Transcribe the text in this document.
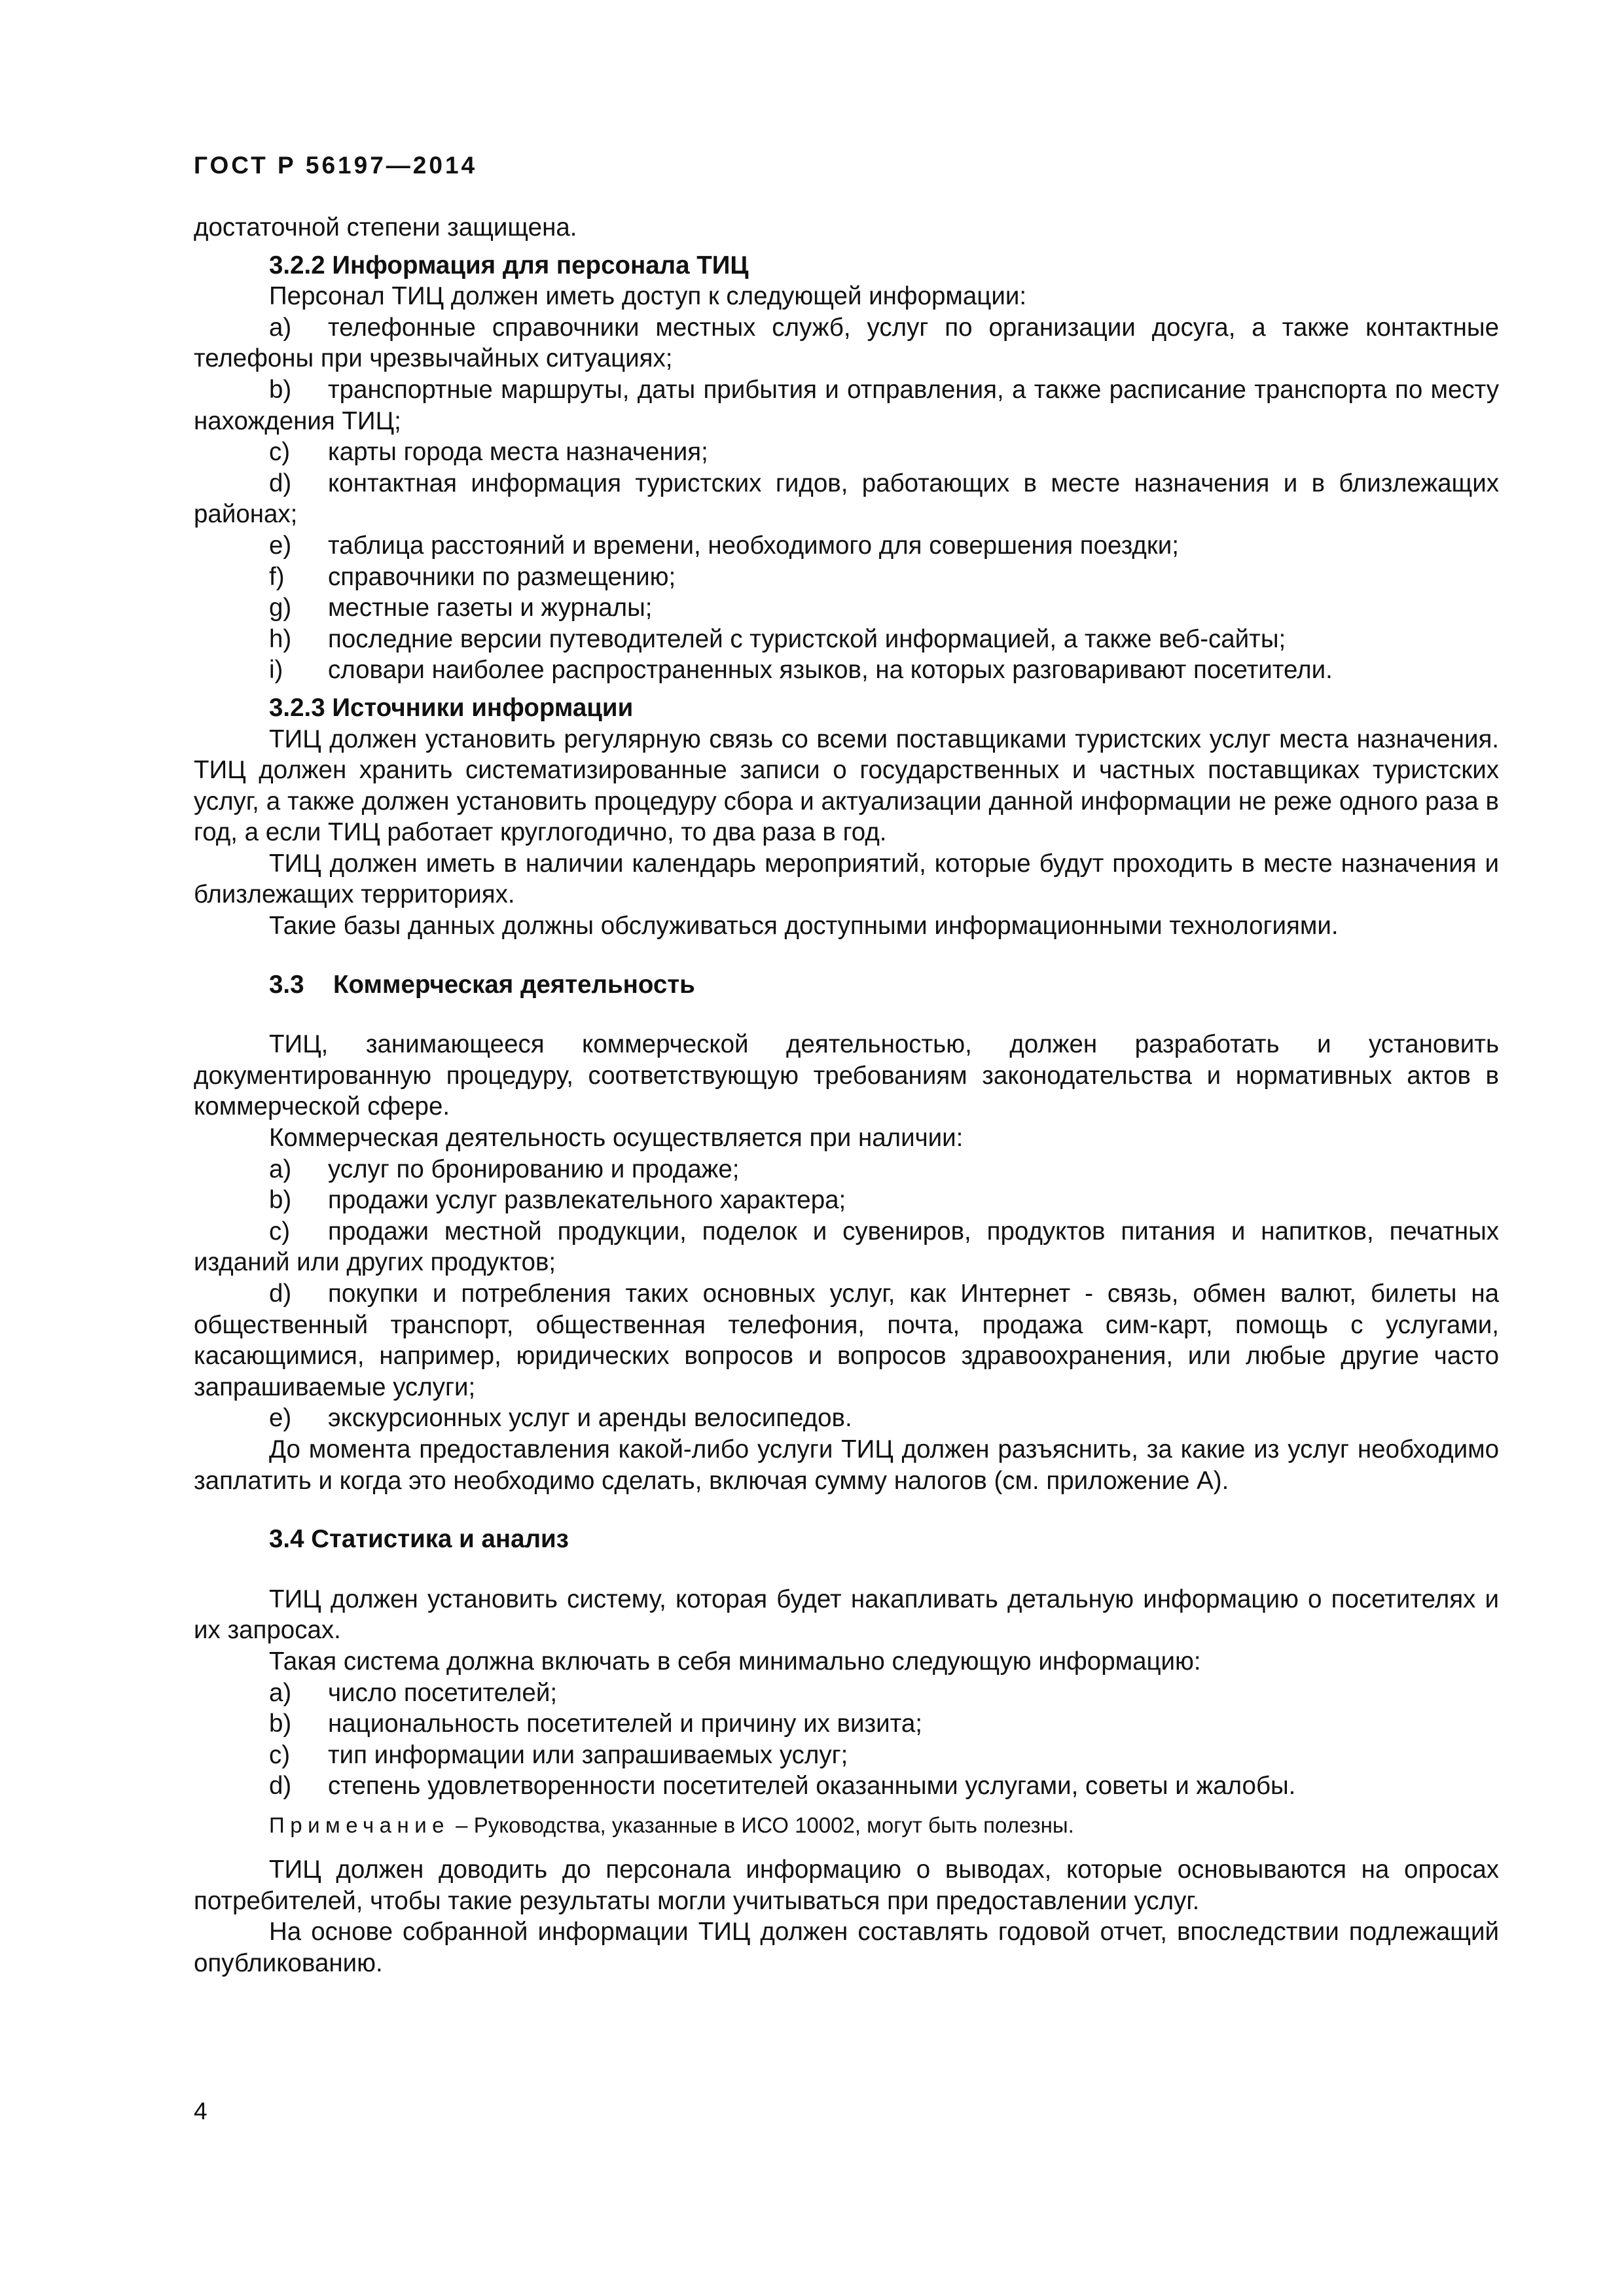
ГОСТ Р 56197—2014

достаточной степени защищена.

3.2.2 Информация для персонала ТИЦ

Персонал ТИЦ должен иметь доступ к следующей информации:

a) телефонные справочники местных служб, услуг по организации досуга, а также контактные телефоны при чрезвычайных ситуациях;

b) транспортные маршруты, даты прибытия и отправления, а также расписание транспорта по месту нахождения ТИЦ;

c) карты города места назначения;

d) контактная информация туристских гидов, работающих в месте назначения и в близлежащих районах;

e) таблица расстояний и времени, необходимого для совершения поездки;

f) справочники по размещению;

g) местные газеты и журналы;

h) последние версии путеводителей с туристской информацией, а также веб-сайты;

i) словари наиболее распространенных языков, на которых разговаривают посетители.

3.2.3 Источники информации

ТИЦ должен установить регулярную связь со всеми поставщиками туристских услуг места назначения. ТИЦ должен хранить систематизированные записи о государственных и частных поставщиках туристских услуг, а также должен установить процедуру сбора и актуализации данной информации не реже одного раза в год, а если ТИЦ работает круглогодично, то два раза в год.

ТИЦ должен иметь в наличии календарь мероприятий, которые будут проходить в месте назначения и близлежащих территориях.

Такие базы данных должны обслуживаться доступными информационными технологиями.

3.3 Коммерческая деятельность

ТИЦ, занимающееся коммерческой деятельностью, должен разработать и установить документированную процедуру, соответствующую требованиям законодательства и нормативных актов в коммерческой сфере.

Коммерческая деятельность осуществляется при наличии:

a) услуг по бронированию и продаже;

b) продажи услуг развлекательного характера;

c) продажи местной продукции, поделок и сувениров, продуктов питания и напитков, печатных изданий или других продуктов;

d) покупки и потребления таких основных услуг, как Интернет - связь, обмен валют, билеты на общественный транспорт, общественная телефония, почта, продажа сим-карт, помощь с услугами, касающимися, например, юридических вопросов и вопросов здравоохранения, или любые другие часто запрашиваемые услуги;

e) экскурсионных услуг и аренды велосипедов.

До момента предоставления какой-либо услуги ТИЦ должен разъяснить, за какие из услуг необходимо заплатить и когда это необходимо сделать, включая сумму налогов (см. приложение А).

3.4 Статистика и анализ

ТИЦ должен установить систему, которая будет накапливать детальную информацию о посетителях и их запросах.

Такая система должна включать в себя минимально следующую информацию:

a) число посетителей;

b) национальность посетителей и причину их визита;

c) тип информации или запрашиваемых услуг;

d) степень удовлетворенности посетителей оказанными услугами, советы и жалобы.

Примечание – Руководства, указанные в ИСО 10002, могут быть полезны.

ТИЦ должен доводить до персонала информацию о выводах, которые основываются на опросах потребителей, чтобы такие результаты могли учитываться при предоставлении услуг.

На основе собранной информации ТИЦ должен составлять годовой отчет, впоследствии подлежащий опубликованию.

4
